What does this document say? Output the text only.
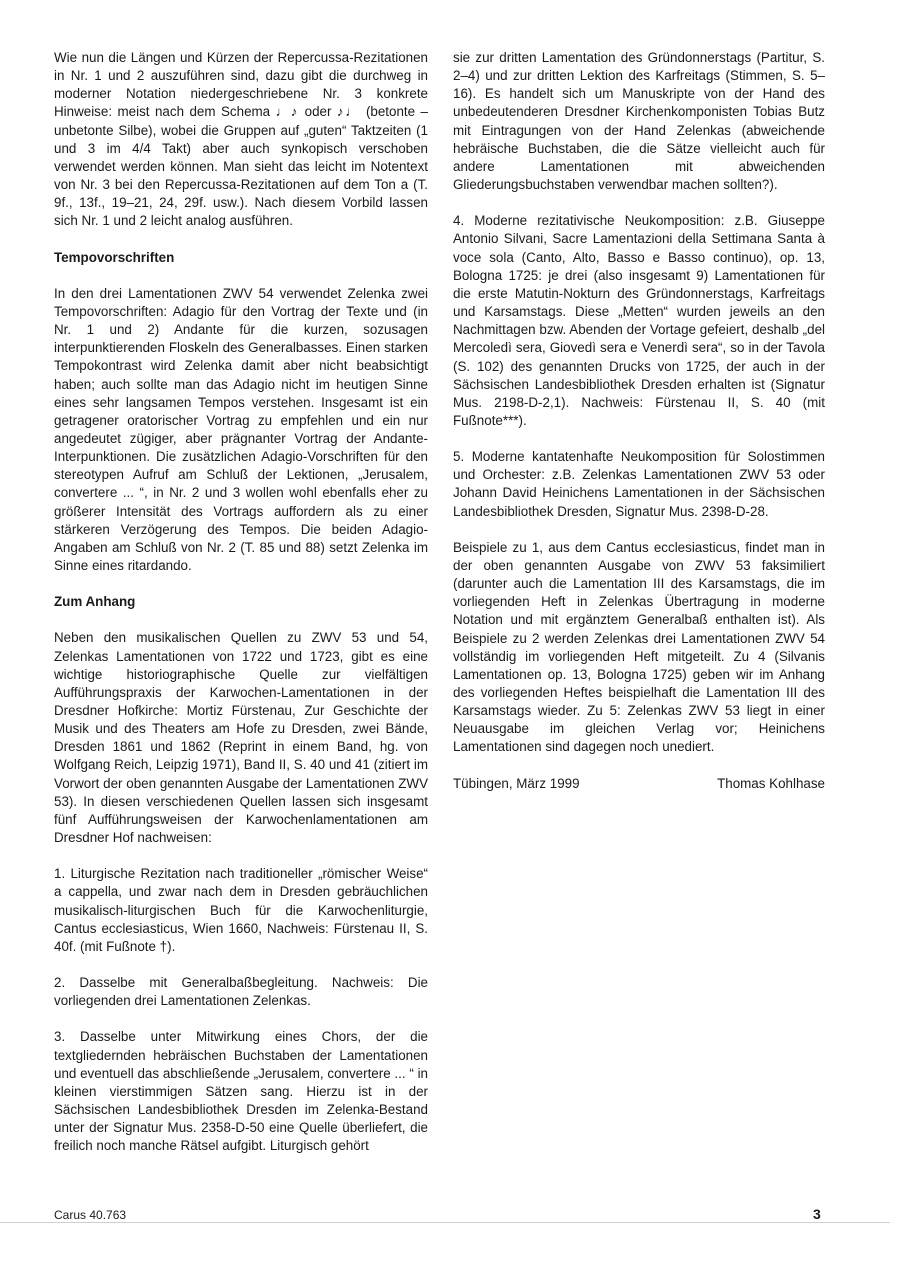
Wie nun die Längen und Kürzen der Repercussa-Rezitationen in Nr. 1 und 2 auszuführen sind, dazu gibt die durchweg in moderner Notation niedergeschriebene Nr. 3 konkrete Hinweise: meist nach dem Schema ♩♪ oder ♪♩ (betonte – unbetonte Silbe), wobei die Gruppen auf „guten“ Taktzeiten (1 und 3 im 4/4 Takt) aber auch synkopisch verschoben verwendet werden können. Man sieht das leicht im Notentext von Nr. 3 bei den Repercussa-Rezitationen auf dem Ton a (T. 9f., 13f., 19–21, 24, 29f. usw.). Nach diesem Vorbild lassen sich Nr. 1 und 2 leicht analog ausführen.

Tempovorschriften

In den drei Lamentationen ZWV 54 verwendet Zelenka zwei Tempovorschriften: Adagio für den Vortrag der Texte und (in Nr. 1 und 2) Andante für die kurzen, sozusagen interpunktierenden Floskeln des Generalbasses. Einen starken Tempokontrast wird Zelenka damit aber nicht beabsichtigt haben; auch sollte man das Adagio nicht im heutigen Sinne eines sehr langsamen Tempos verstehen. Insgesamt ist ein getragener oratorischer Vortrag zu empfehlen und ein nur angedeutet zügiger, aber prägnanter Vortrag der Andante-Interpunktionen. Die zusätzlichen Adagio-Vorschriften für den stereotypen Aufruf am Schluß der Lektionen, „Jerusalem, convertere ... “, in Nr. 2 und 3 wollen wohl ebenfalls eher zu größerer Intensität des Vortrags auffordern als zu einer stärkeren Verzögerung des Tempos. Die beiden Adagio-Angaben am Schluß von Nr. 2 (T. 85 und 88) setzt Zelenka im Sinne eines ritardando.

Zum Anhang

Neben den musikalischen Quellen zu ZWV 53 und 54, Zelenkas Lamentationen von 1722 und 1723, gibt es eine wichtige historiographische Quelle zur vielfältigen Aufführungspraxis der Karwochen-Lamentationen in der Dresdner Hofkirche: Mortiz Fürstenau, Zur Geschichte der Musik und des Theaters am Hofe zu Dresden, zwei Bände, Dresden 1861 und 1862 (Reprint in einem Band, hg. von Wolfgang Reich, Leipzig 1971), Band II, S. 40 und 41 (zitiert im Vorwort der oben genannten Ausgabe der Lamentationen ZWV 53). In diesen verschiedenen Quellen lassen sich insgesamt fünf Aufführungsweisen der Karwochenlamentationen am Dresdner Hof nachweisen:

1. Liturgische Rezitation nach traditioneller „römischer Weise“ a cappella, und zwar nach dem in Dresden gebräuchlichen musikalisch-liturgischen Buch für die Karwochenliturgie, Cantus ecclesiasticus, Wien 1660, Nachweis: Fürstenau II, S. 40f. (mit Fußnote †).

2. Dasselbe mit Generalbaßbegleitung. Nachweis: Die vorliegenden drei Lamentationen Zelenkas.

3. Dasselbe unter Mitwirkung eines Chors, der die textgliedernden hebräischen Buchstaben der Lamentationen und eventuell das abschließende „Jerusalem, convertere ... “ in kleinen vierstimmigen Sätzen sang. Hierzu ist in der Sächsischen Landesbibliothek Dresden im Zelenka-Bestand unter der Signatur Mus. 2358-D-50 eine Quelle überliefert, die freilich noch manche Rätsel aufgibt. Liturgisch gehört

sie zur dritten Lamentation des Gründonnerstags (Partitur, S. 2–4) und zur dritten Lektion des Karfreitags (Stimmen, S. 5–16). Es handelt sich um Manuskripte von der Hand des unbedeutenderen Dresdner Kirchenkomponisten Tobias Butz mit Eintragungen von der Hand Zelenkas (abweichende hebräische Buchstaben, die die Sätze vielleicht auch für andere Lamentationen mit abweichenden Gliederungsbuchstaben verwendbar machen sollten?).

4. Moderne rezitativische Neukomposition: z.B. Giuseppe Antonio Silvani, Sacre Lamentazioni della Settimana Santa à voce sola (Canto, Alto, Basso e Basso continuo), op. 13, Bologna 1725: je drei (also insgesamt 9) Lamentationen für die erste Matutin-Nokturn des Gründonnerstags, Karfreitags und Karsamstags. Diese „Metten“ wurden jeweils an den Nachmittagen bzw. Abenden der Vortage gefeiert, deshalb „del Mercoledì sera, Giovedì sera e Venerdì sera“, so in der Tavola (S. 102) des genannten Drucks von 1725, der auch in der Sächsischen Landesbibliothek Dresden erhalten ist (Signatur Mus. 2198-D-2,1). Nachweis: Fürstenau II, S. 40 (mit Fußnote***).

5. Moderne kantatenhafte Neukomposition für Solostimmen und Orchester: z.B. Zelenkas Lamentationen ZWV 53 oder Johann David Heinichens Lamentationen in der Sächsischen Landesbibliothek Dresden, Signatur Mus. 2398-D-28.

Beispiele zu 1, aus dem Cantus ecclesiasticus, findet man in der oben genannten Ausgabe von ZWV 53 faksimiliert (darunter auch die Lamentation III des Karsamstags, die im vorliegenden Heft in Zelenkas Übertragung in moderne Notation und mit ergänztem Generalbaß enthalten ist). Als Beispiele zu 2 werden Zelenkas drei Lamentationen ZWV 54 vollständig im vorliegenden Heft mitgeteilt. Zu 4 (Silvanis Lamentationen op. 13, Bologna 1725) geben wir im Anhang des vorliegenden Heftes beispielhaft die Lamentation III des Karsamstags wieder. Zu 5: Zelenkas ZWV 53 liegt in einer Neuausgabe im gleichen Verlag vor; Heinichens Lamentationen sind dagegen noch unediert.

Tübingen, März 1999	Thomas Kohlhase
Carus 40.763	3
